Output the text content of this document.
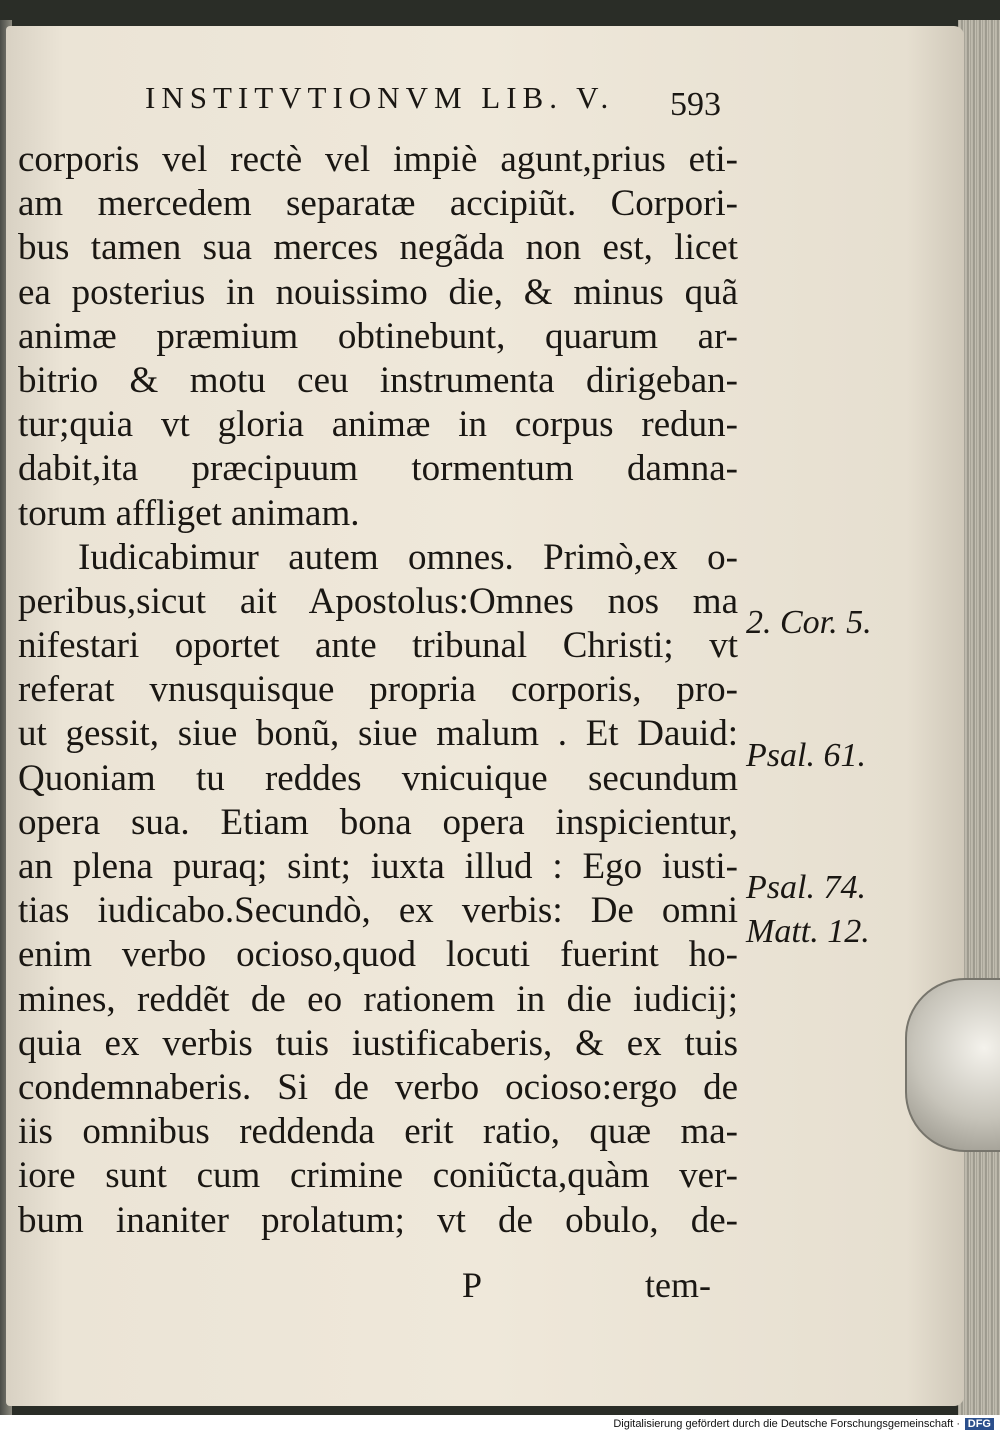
INSTITVTIONVM LIB. V. 593
corporis vel rectè vel impiè agunt,prius eti-
am mercedem separatæ accipiũt. Corpori-
bus tamen sua merces negãda non est, licet
ea posterius in nouissimo die, & minus quã
animæ præmium obtinebunt, quarum ar-
bitrio & motu ceu instrumenta dirigeban-
tur;quia vt gloria animæ in corpus redun-
dabit,ita præcipuum tormentum damna-
torum affliget animam.
Iudicabimur autem omnes. Primò,ex o-
peribus,sicut ait Apostolus:Omnes nos ma
nifestari oportet ante tribunal Christi; vt
referat vnusquisque propria corporis, pro-
ut gessit, siue bonũ, siue malum . Et Dauid:
Quoniam tu reddes vnicuique secundum
opera sua. Etiam bona opera inspicientur,
an plena puraq; sint; iuxta illud : Ego iusti-
tias iudicabo.Secundò, ex verbis: De omni
enim verbo ocioso,quod locuti fuerint ho-
mines, reddẽt de eo rationem in die iudicij;
quia ex verbis tuis iustificaberis, & ex tuis
condemnaberis. Si de verbo ocioso:ergo de
iis omnibus reddenda erit ratio, quæ ma-
iore sunt cum crimine coniũcta,quàm ver-
bum inaniter prolatum; vt de obulo, de-
2. Cor. 5.
Psal. 61.
Psal. 74.
Matt. 12.
P	tem-
Digitalisierung gefördert durch die Deutsche Forschungsgemeinschaft · DFG
